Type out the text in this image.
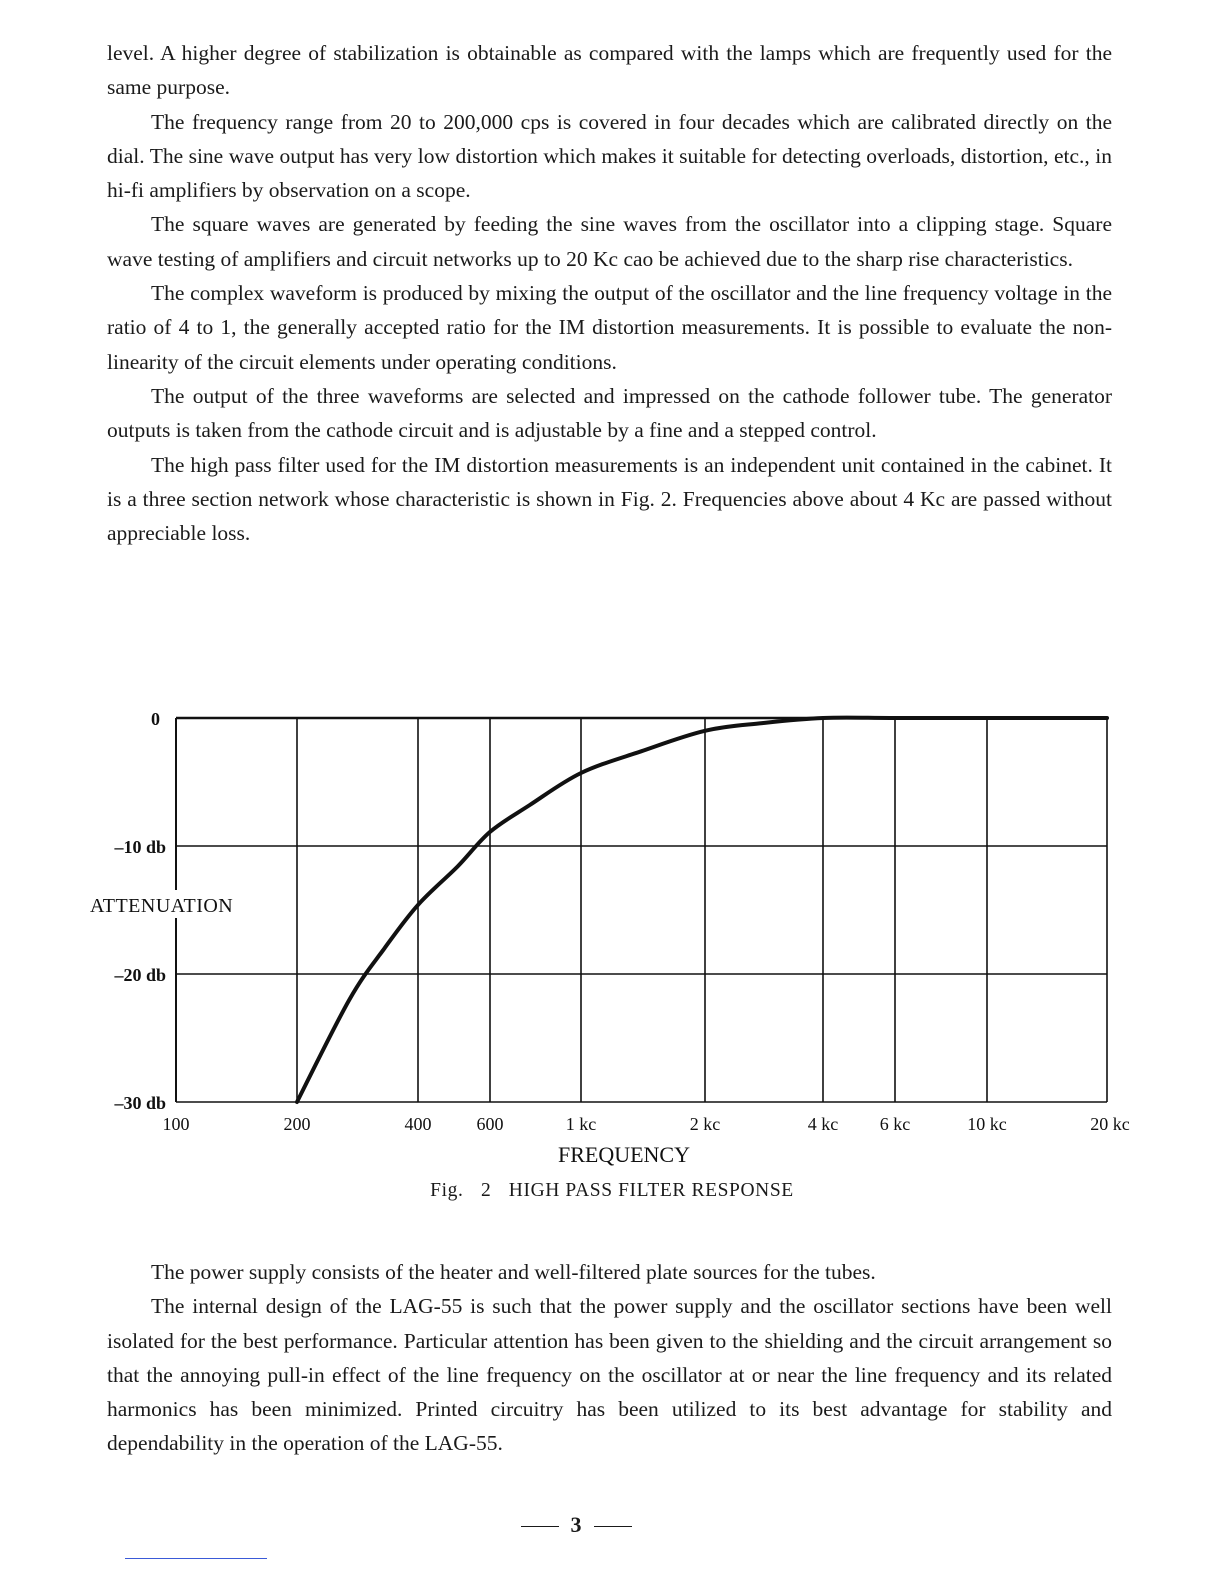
level. A higher degree of stabilization is obtainable as compared with the lamps which are frequently used for the same purpose.

The frequency range from 20 to 200,000 cps is covered in four decades which are calibrated directly on the dial. The sine wave output has very low distortion which makes it suitable for detecting overloads, distortion, etc., in hi-fi amplifiers by observation on a scope.

The square waves are generated by feeding the sine waves from the oscillator into a clipping stage. Square wave testing of amplifiers and circuit networks up to 20 Kc cao be achieved due to the sharp rise characteristics.

The complex waveform is produced by mixing the output of the oscillator and the line frequency voltage in the ratio of 4 to 1, the generally accepted ratio for the IM distortion measurements. It is possible to evaluate the non-linearity of the circuit elements under operating conditions.

The output of the three waveforms are selected and impressed on the cathode follower tube. The generator outputs is taken from the cathode circuit and is adjustable by a fine and a stepped control.

The high pass filter used for the IM distortion measurements is an independent unit contained in the cabinet. It is a three section network whose characteristic is shown in Fig. 2. Frequencies above about 4 Kc are passed without appreciable loss.

0
–10 db
–20 db
–30 db
100	200	400	600	1 kc	2 kc	4 kc 6 kc	10 kc	20 kc
FREQUENCY
ATTENUATION
Fig. 2 HIGH PASS FILTER RESPONSE

The power supply consists of the heater and well-filtered plate sources for the tubes.

The internal design of the LAG-55 is such that the power supply and the oscillator sections have been well isolated for the best performance. Particular attention has been given to the shielding and the circuit arrangement so that the annoying pull-in effect of the line frequency on the oscillator at or near the line frequency and its related harmonics has been minimized. Printed circuitry has been utilized to its best advantage for stability and dependability in the operation of the LAG-55.

3
